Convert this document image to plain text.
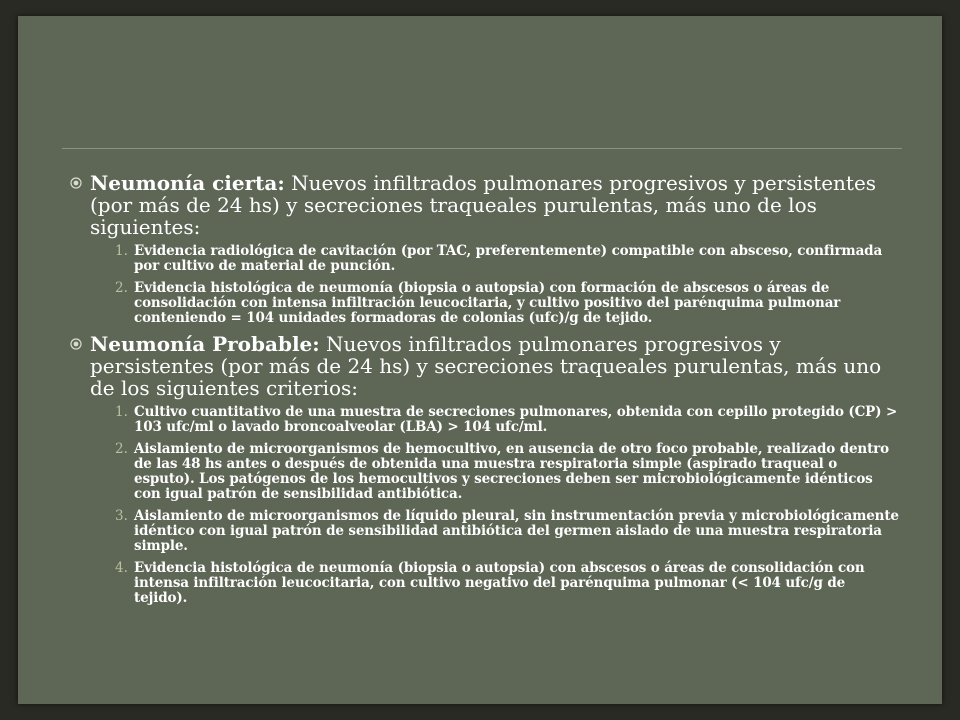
Neumonía cierta: Nuevos infiltrados pulmonares progresivos y persistentes (por más de 24 hs) y secreciones traqueales purulentas, más uno de los siguientes:
1. Evidencia radiológica de cavitación (por TAC, preferentemente) compatible con absceso, confirmada por cultivo de material de punción.
2. Evidencia histológica de neumonía (biopsia o autopsia) con formación de abscesos o áreas de consolidación con intensa infiltración leucocitaria, y cultivo positivo del parénquima pulmonar conteniendo = 104 unidades formadoras de colonias (ufc)/g de tejido.
Neumonía Probable: Nuevos infiltrados pulmonares progresivos y persistentes (por más de 24 hs) y secreciones traqueales purulentas, más uno de los siguientes criterios:
1. Cultivo cuantitativo de una muestra de secreciones pulmonares, obtenida con cepillo protegido (CP) > 103 ufc/ml o lavado broncoalveolar (LBA) > 104 ufc/ml.
2. Aislamiento de microorganismos de hemocultivo, en ausencia de otro foco probable, realizado dentro de las 48 hs antes o después de obtenida una muestra respiratoria simple (aspirado traqueal o esputo). Los patógenos de los hemocultivos y secreciones deben ser microbiológicamente idénticos con igual patrón de sensibilidad antibiótica.
3. Aislamiento de microorganismos de líquido pleural, sin instrumentación previa y microbiológicamente idéntico con igual patrón de sensibilidad antibiótica del germen aislado de una muestra respiratoria simple.
4. Evidencia histológica de neumonía (biopsia o autopsia) con abscesos o áreas de consolidación con intensa infiltración leucocitaria, con cultivo negativo del parénquima pulmonar (< 104 ufc/g de tejido).
